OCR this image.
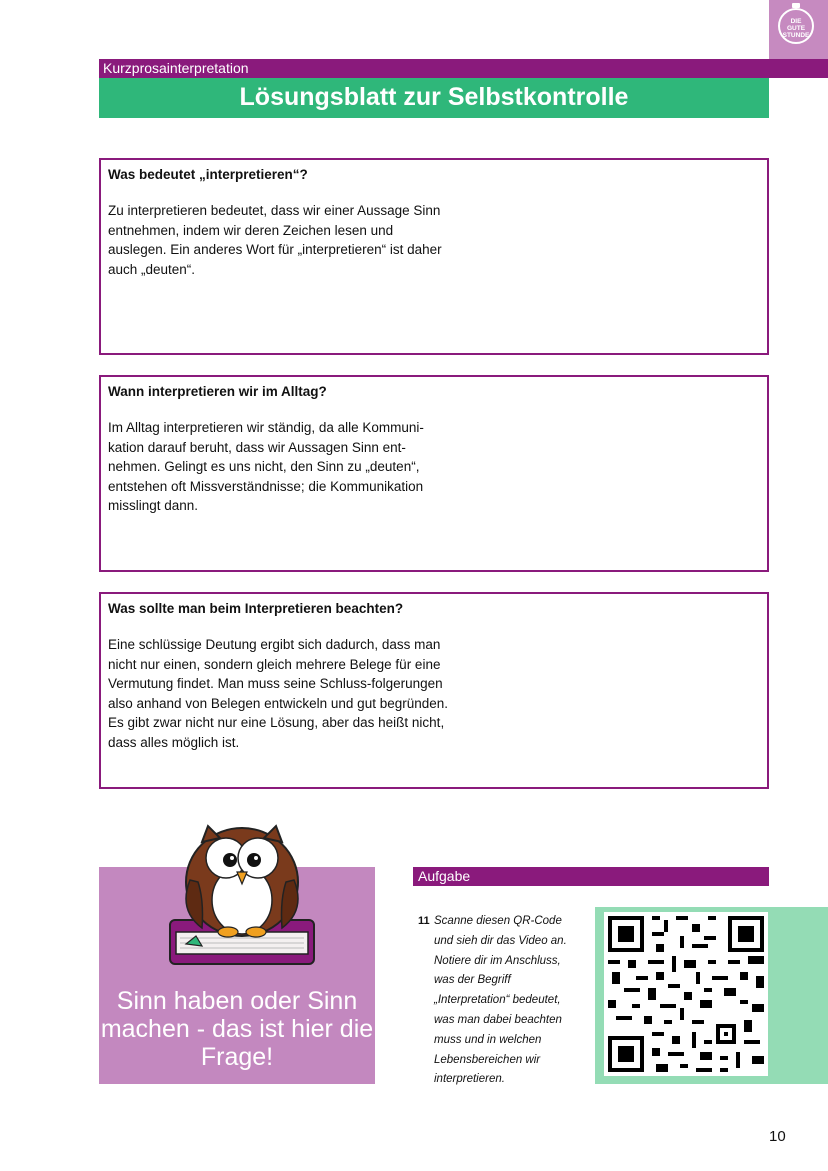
DIE
GUTE
STUNDE
Kurzprosainterpretation
Lösungsblatt zur Selbstkontrolle
Was bedeutet „interpretieren“?
Zu interpretieren bedeutet, dass wir einer Aussage Sinn entnehmen, indem wir deren Zeichen lesen und auslegen. Ein anderes Wort für „interpretieren“ ist daher auch „deuten“.
Wann interpretieren wir im Alltag?
Im Alltag interpretieren wir ständig, da alle Kommuni-kation darauf beruht, dass wir Aussagen Sinn ent-nehmen. Gelingt es uns nicht, den Sinn zu „deuten“, entstehen oft Missverständnisse; die Kommunikation misslingt dann.
Was sollte man beim Interpretieren beachten?
Eine schlüssige Deutung ergibt sich dadurch, dass man nicht nur einen, sondern gleich mehrere Belege für eine Vermutung findet. Man muss seine Schluss-folgerungen also anhand von Belegen entwickeln und gut begründen. Es gibt zwar nicht nur eine Lösung, aber das heißt nicht, dass alles möglich ist.
Sinn haben oder Sinn machen - das ist hier die Frage!
Aufgabe
11 Scanne diesen QR-Code und sieh dir das Video an. Notiere dir im Anschluss, was der Begriff „Interpretation“ bedeutet, was man dabei beachten muss und in welchen Lebensbereichen wir interpretieren.
10
